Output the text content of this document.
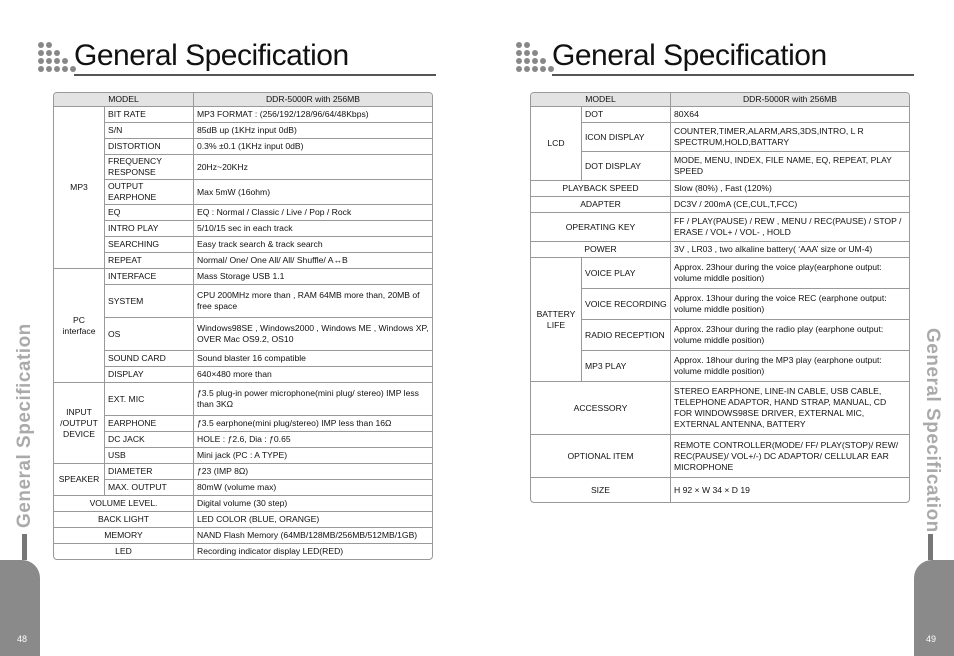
General Specification	General Specification
MODEL		DDR-5000R with 256MB
MP3	BIT RATE	MP3 FORMAT : (256/192/128/96/64/48Kbps)
	S/N	85dB up (1KHz input 0dB)
	DISTORTION	0.3% ±0.1 (1KHz input 0dB)
	FREQUENCY RESPONSE	20Hz~20KHz
	OUTPUT EARPHONE	Max 5mW (16ohm)
	EQ	EQ : Normal / Classic / Live / Pop / Rock
	INTRO PLAY	5/10/15 sec in each track
	SEARCHING	Easy track search & track search
	REPEAT	Normal/ One/ One All/ All/ Shuffle/ A↔B
PC interface	INTERFACE	Mass Storage USB 1.1
	SYSTEM	CPU 200MHz more than , RAM 64MB more than, 20MB of free space
	OS	Windows98SE , Windows2000 , Windows ME , Windows XP, OVER Mac OS9.2, OS10
	SOUND CARD	Sound blaster 16 compatible
	DISPLAY	640×480 more than
INPUT /OUTPUT DEVICE	EXT. MIC	ƒ3.5 plug-in power microphone(mini plug/ stereo) IMP less than 3KΩ
	EARPHONE	ƒ3.5 earphone(mini plug/stereo) IMP less than 16Ω
	DC JACK	HOLE : ƒ2.6, Dia : ƒ0.65
	USB	Mini jack (PC : A TYPE)
SPEAKER	DIAMETER	ƒ23 (IMP 8Ω)
	MAX. OUTPUT	80mW (volume max)
VOLUME LEVEL.		Digital volume (30 step)
BACK LIGHT		LED COLOR (BLUE, ORANGE)
MEMORY		NAND Flash Memory (64MB/128MB/256MB/512MB/1GB)
LED		Recording indicator display LED(RED)
MODEL		DDR-5000R with 256MB
LCD	DOT	80X64
	ICON DISPLAY	COUNTER,TIMER,ALARM,ARS,3DS,INTRO, L R SPECTRUM,HOLD,BATTARY
	DOT DISPLAY	MODE, MENU, INDEX, FILE NAME, EQ, REPEAT, PLAY SPEED
PLAYBACK SPEED		Slow (80%) , Fast (120%)
ADAPTER		DC3V / 200mA (CE,CUL,T,FCC)
OPERATING KEY		FF / PLAY(PAUSE) / REW , MENU / REC(PAUSE) / STOP / ERASE / VOL+ / VOL- , HOLD
POWER		3V , LR03 , two alkaline battery( ‘AAA’ size or UM-4)
BATTERY LIFE	VOICE PLAY	Approx. 23hour during the voice play(earphone output: volume middle position)
	VOICE RECORDING	Approx. 13hour during the voice REC (earphone output: volume middle position)
	RADIO RECEPTION	Approx. 23hour during the radio play (earphone output: volume middle position)
	MP3 PLAY	Approx. 18hour during the MP3 play (earphone output: volume middle position)
ACCESSORY		STEREO EARPHONE, LINE-IN CABLE, USB CABLE, TELEPHONE ADAPTOR, HAND STRAP, MANUAL, CD FOR WINDOWS98SE DRIVER, EXTERNAL MIC, EXTERNAL ANTENNA, BATTERY
OPTIONAL ITEM		REMOTE CONTROLLER(MODE/ FF/ PLAY(STOP)/ REW/ REC(PAUSE)/ VOL+/-) DC ADAPTOR/ CELLULAR EAR MICROPHONE
SIZE		H 92 × W 34 × D 19
General Specification	General Specification
48	49
